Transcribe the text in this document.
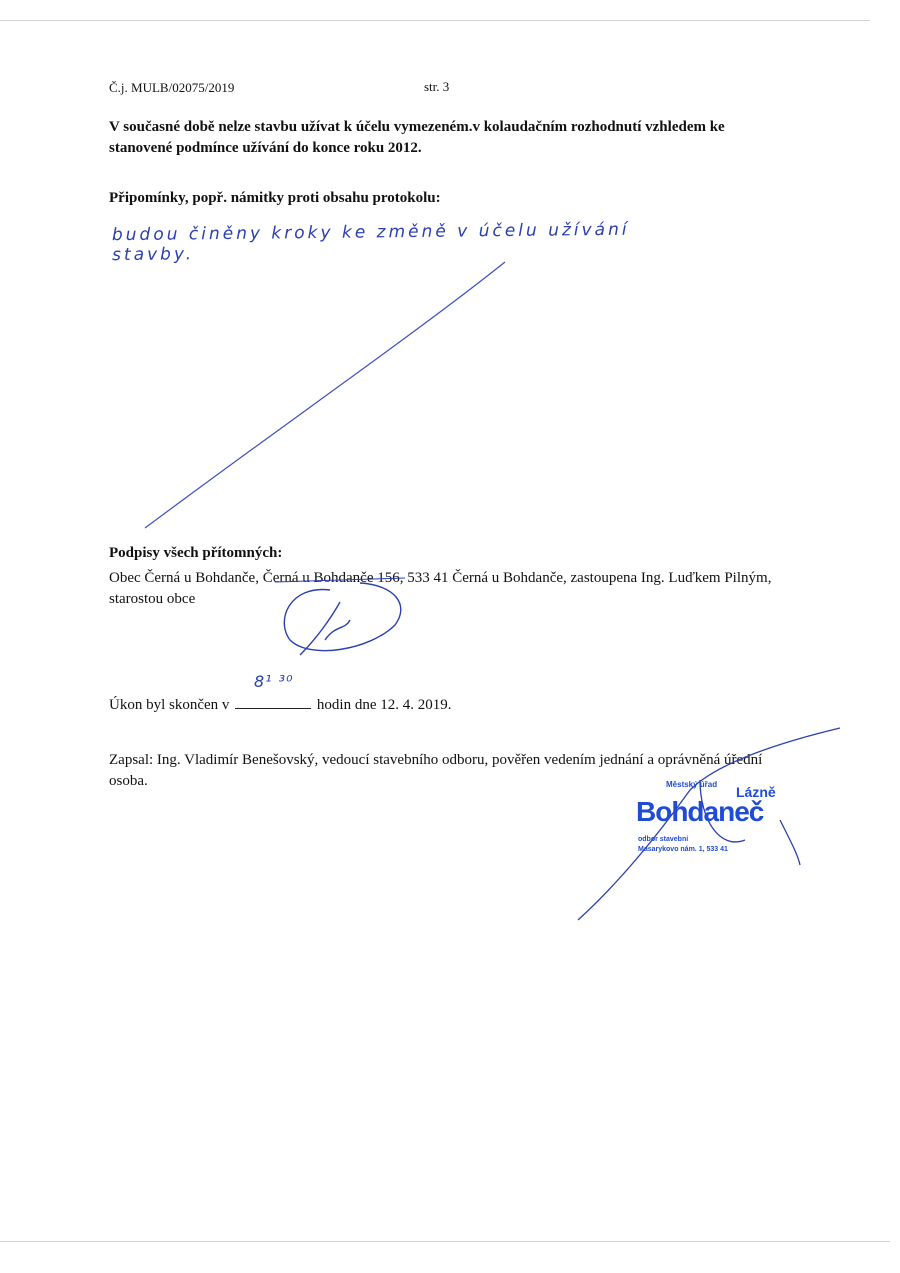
Č.j. MULB/02075/2019	str. 3
V současné době nelze stavbu užívat k účelu vymezeném.v kolaudačním rozhodnutí vzhledem ke stanovené podmínce užívání do konce roku 2012.
Připomínky, popř. námitky proti obsahu protokolu:
budou činěny kroky ke změně v účelu užívání stavby.
Podpisy všech přítomných:
Obec Černá u Bohdanče, Černá u Bohdanče 156, 533 41 Černá u Bohdanče, zastoupena Ing. Luďkem Pilným, starostou obce
Úkon byl skončen v	hodin dne 12. 4. 2019.
8¹ ³⁰
Zapsal: Ing. Vladimír Benešovský, vedoucí stavebního odboru, pověřen vedením jednání a oprávněná úřední osoba.	Městský úřad Lázně
Bohdaneč
odbor stavební
Masarykovo nám. 1, 533 41
